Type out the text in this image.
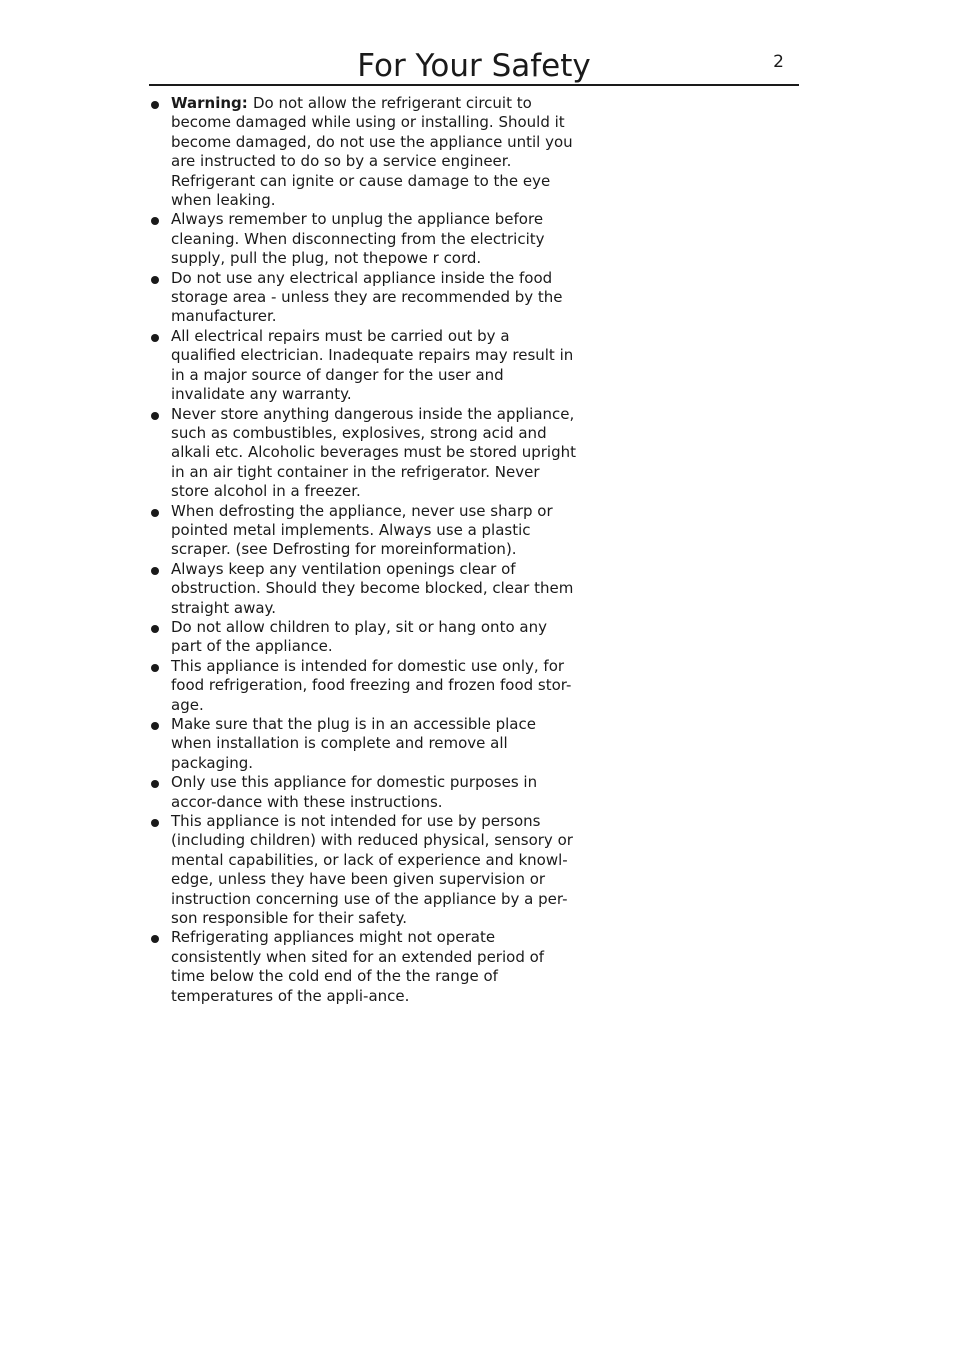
For Your Safety	2
Warning: Do not allow the refrigerant circuit to become damaged while using or installing. Should it become damaged, do not use the appliance until you are instructed to do so by a service engineer. Refrigerant can ignite or cause damage to the eye when leaking.
Always remember to unplug the appliance before cleaning. When disconnecting from the electricity supply, pull the plug, not thepowe r cord.
Do not use any electrical appliance inside the food storage area - unless they are recommended by the manufacturer.
All electrical repairs must be carried out by a qualified electrician. Inadequate repairs may result in in a major source of danger for the user and invalidate any warranty.
Never store anything dangerous inside the appliance, such as combustibles, explosives, strong acid and alkali etc. Alcoholic beverages must be stored upright in an air tight container in the refrigerator. Never store alcohol in a freezer.
When defrosting the appliance, never use sharp or pointed metal implements. Always use a plastic scraper. (see Defrosting for moreinformation).
Always keep any ventilation openings clear of obstruction. Should they become blocked, clear them straight away.
Do not allow children to play, sit or hang onto any part of the appliance.
This appliance is intended for domestic use only, for food refrigeration, food freezing and frozen food stor-age.
Make sure that the plug is in an accessible place when installation is complete and remove all packaging.
Only use this appliance for domestic purposes in accor-dance with these instructions.
This appliance is not intended for use by persons (including children) with reduced physical, sensory or mental capabilities, or lack of experience and knowl-edge, unless they have been given supervision or instruction concerning use of the appliance by a per-son responsible for their safety.
Refrigerating appliances might not operate consistently when sited for an extended period of time below the cold end of the the range of temperatures of the appli-ance.
